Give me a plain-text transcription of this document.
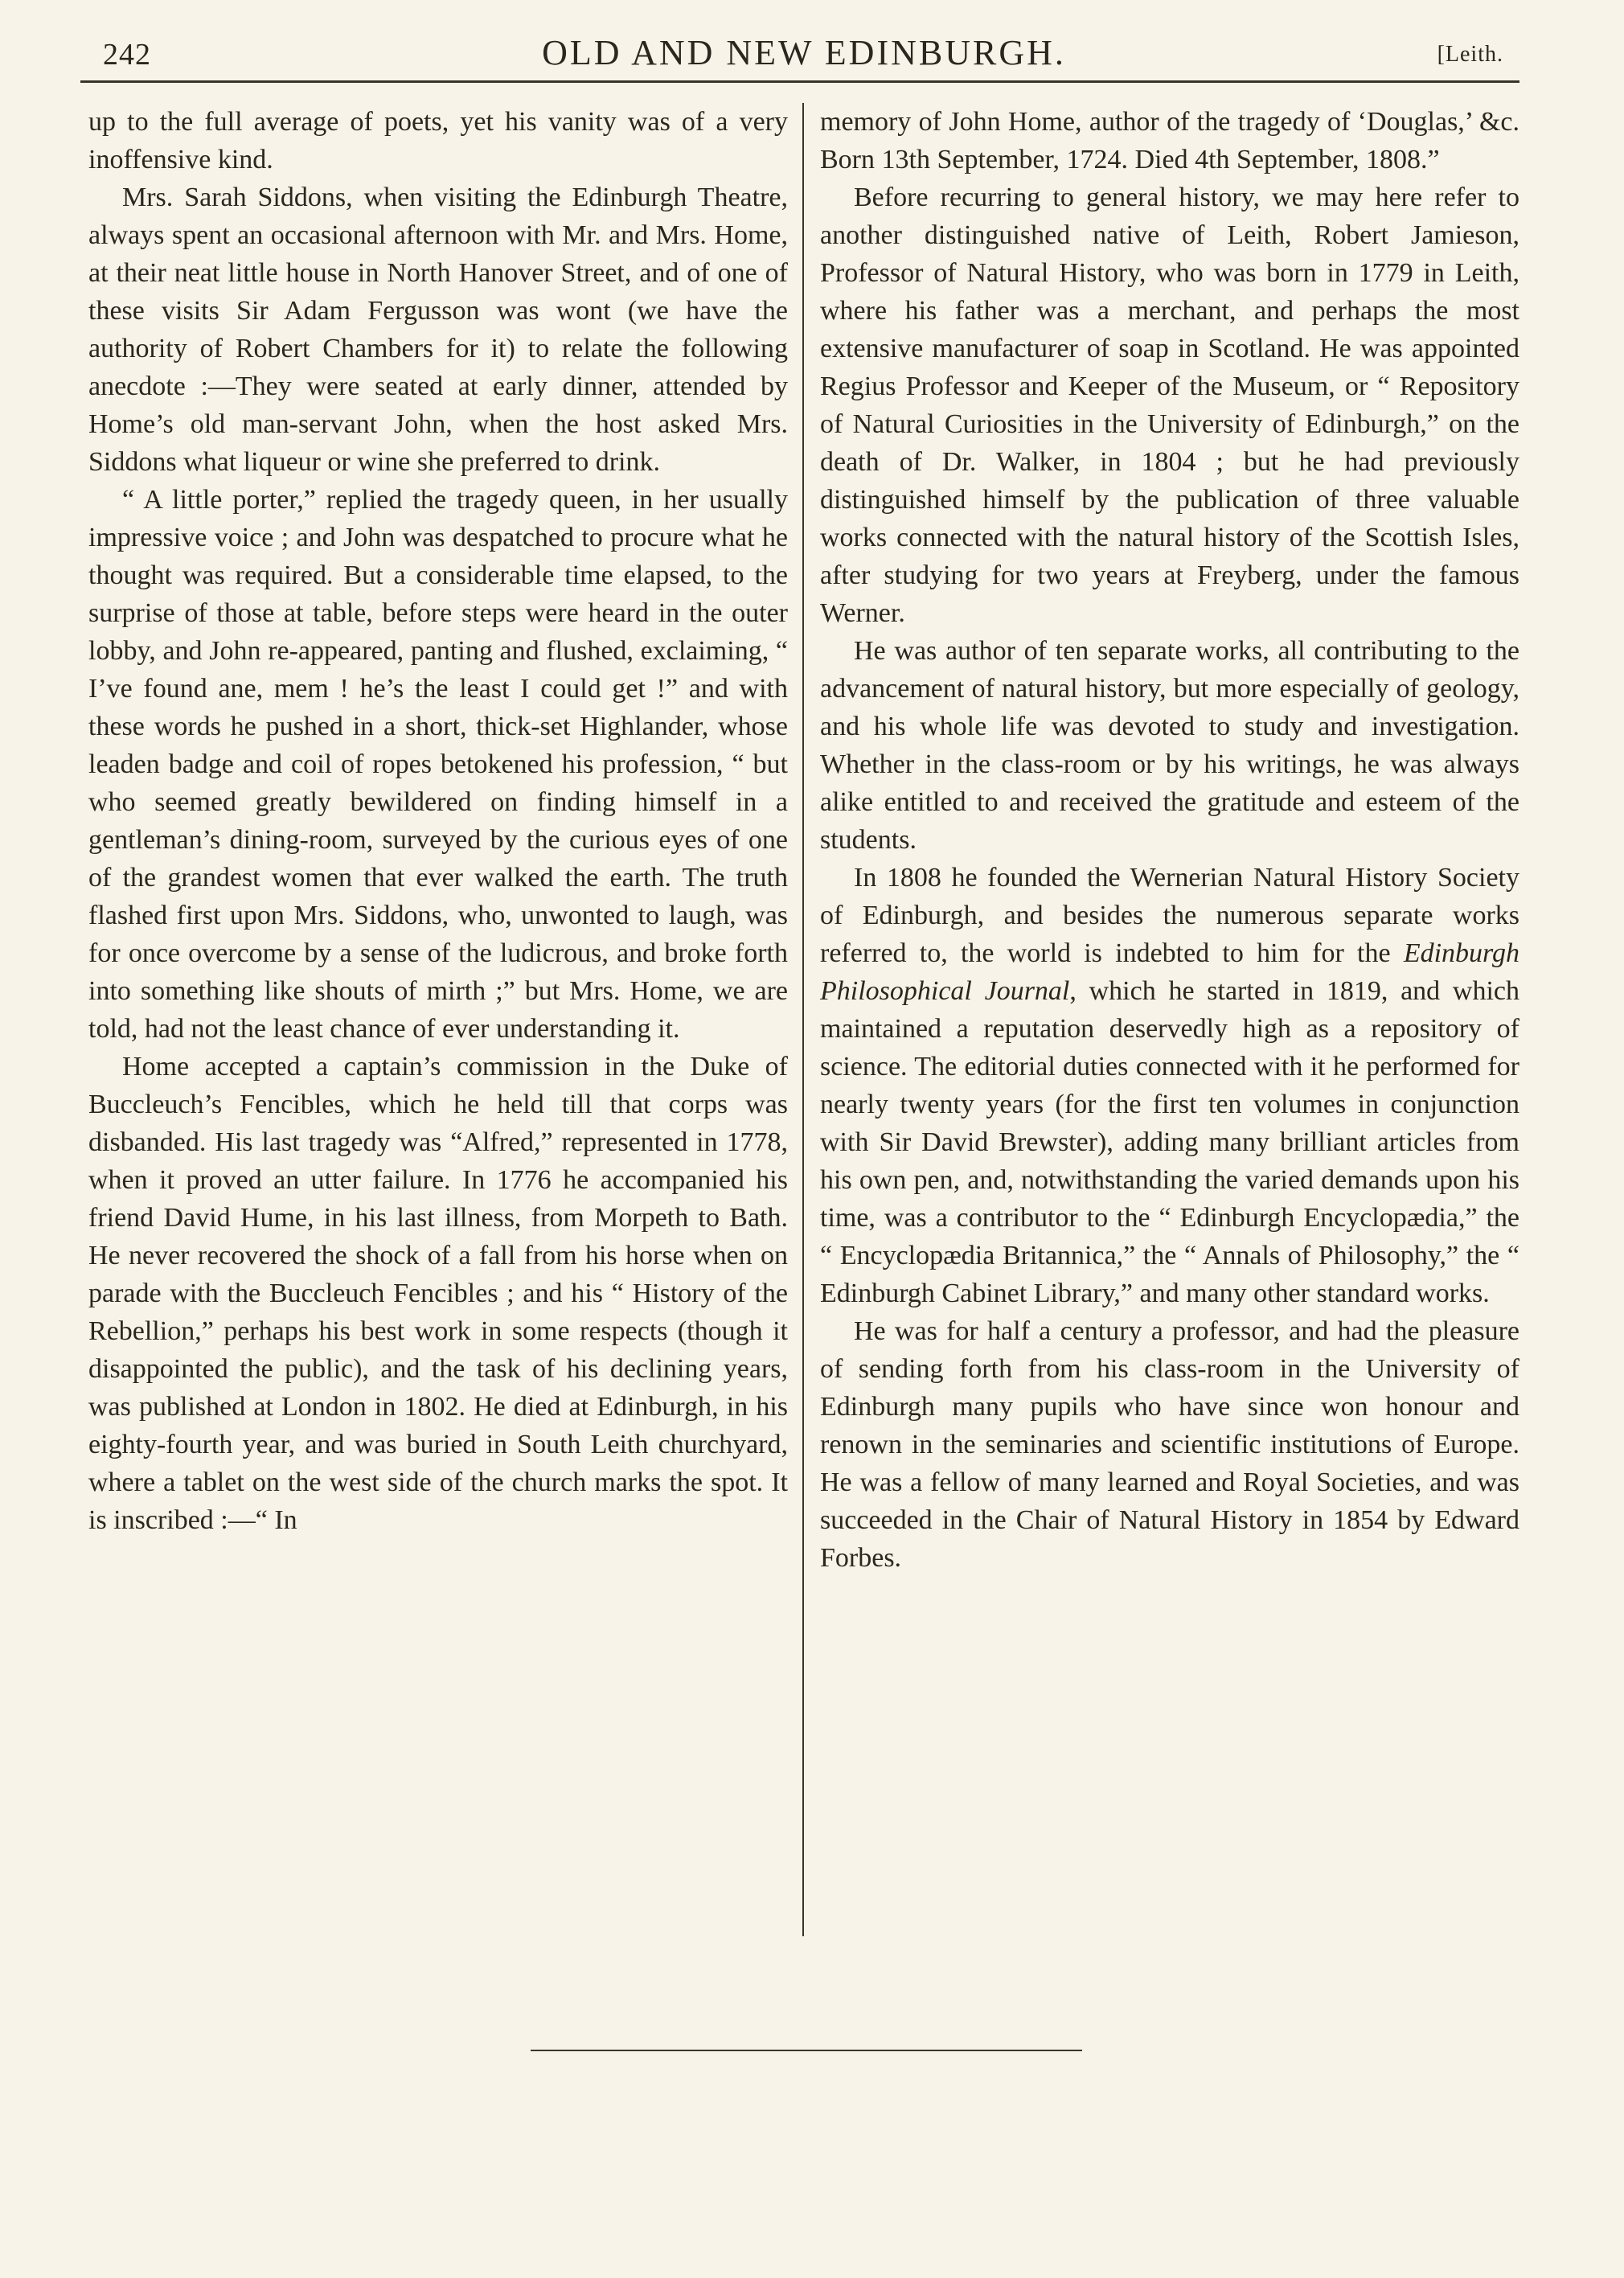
242	OLD AND NEW EDINBURGH.	[Leith.

up to the full average of poets, yet his vanity was of a very inoffensive kind.

Mrs. Sarah Siddons, when visiting the Edinburgh Theatre, always spent an occasional afternoon with Mr. and Mrs. Home, at their neat little house in North Hanover Street, and of one of these visits Sir Adam Fergusson was wont (we have the authority of Robert Chambers for it) to relate the following anecdote :—They were seated at early dinner, attended by Home’s old man-servant John, when the host asked Mrs. Siddons what liqueur or wine she preferred to drink.

“ A little porter,” replied the tragedy queen, in her usually impressive voice ; and John was despatched to procure what he thought was required. But a considerable time elapsed, to the surprise of those at table, before steps were heard in the outer lobby, and John re-appeared, panting and flushed, exclaiming, “ I’ve found ane, mem ! he’s the least I could get !” and with these words he pushed in a short, thick-set Highlander, whose leaden badge and coil of ropes betokened his profession, “ but who seemed greatly bewildered on finding himself in a gentleman’s dining-room, surveyed by the curious eyes of one of the grandest women that ever walked the earth. The truth flashed first upon Mrs. Siddons, who, unwonted to laugh, was for once overcome by a sense of the ludicrous, and broke forth into something like shouts of mirth ;” but Mrs. Home, we are told, had not the least chance of ever understanding it.

Home accepted a captain’s commission in the Duke of Buccleuch’s Fencibles, which he held till that corps was disbanded. His last tragedy was “Alfred,” represented in 1778, when it proved an utter failure. In 1776 he accompanied his friend David Hume, in his last illness, from Morpeth to Bath. He never recovered the shock of a fall from his horse when on parade with the Buccleuch Fencibles ; and his “ History of the Rebellion,” perhaps his best work in some respects (though it disappointed the public), and the task of his declining years, was published at London in 1802. He died at Edinburgh, in his eighty-fourth year, and was buried in South Leith churchyard, where a tablet on the west side of the church marks the spot. It is inscribed :—“ In

memory of John Home, author of the tragedy of ‘Douglas,’ &c. Born 13th September, 1724. Died 4th September, 1808.”

Before recurring to general history, we may here refer to another distinguished native of Leith, Robert Jamieson, Professor of Natural History, who was born in 1779 in Leith, where his father was a merchant, and perhaps the most extensive manufacturer of soap in Scotland. He was appointed Regius Professor and Keeper of the Museum, or “ Repository of Natural Curiosities in the University of Edinburgh,” on the death of Dr. Walker, in 1804 ; but he had previously distinguished himself by the publication of three valuable works connected with the natural history of the Scottish Isles, after studying for two years at Freyberg, under the famous Werner.

He was author of ten separate works, all contributing to the advancement of natural history, but more especially of geology, and his whole life was devoted to study and investigation. Whether in the class-room or by his writings, he was always alike entitled to and received the gratitude and esteem of the students.

In 1808 he founded the Wernerian Natural History Society of Edinburgh, and besides the numerous separate works referred to, the world is indebted to him for the Edinburgh Philosophical Journal, which he started in 1819, and which maintained a reputation deservedly high as a repository of science. The editorial duties connected with it he performed for nearly twenty years (for the first ten volumes in conjunction with Sir David Brewster), adding many brilliant articles from his own pen, and, notwithstanding the varied demands upon his time, was a contributor to the “ Edinburgh Encyclopædia,” the “ Encyclopædia Britannica,” the “ Annals of Philosophy,” the “ Edinburgh Cabinet Library,” and many other standard works.

He was for half a century a professor, and had the pleasure of sending forth from his class-room in the University of Edinburgh many pupils who have since won honour and renown in the seminaries and scientific institutions of Europe. He was a fellow of many learned and Royal Societies, and was succeeded in the Chair of Natural History in 1854 by Edward Forbes.
